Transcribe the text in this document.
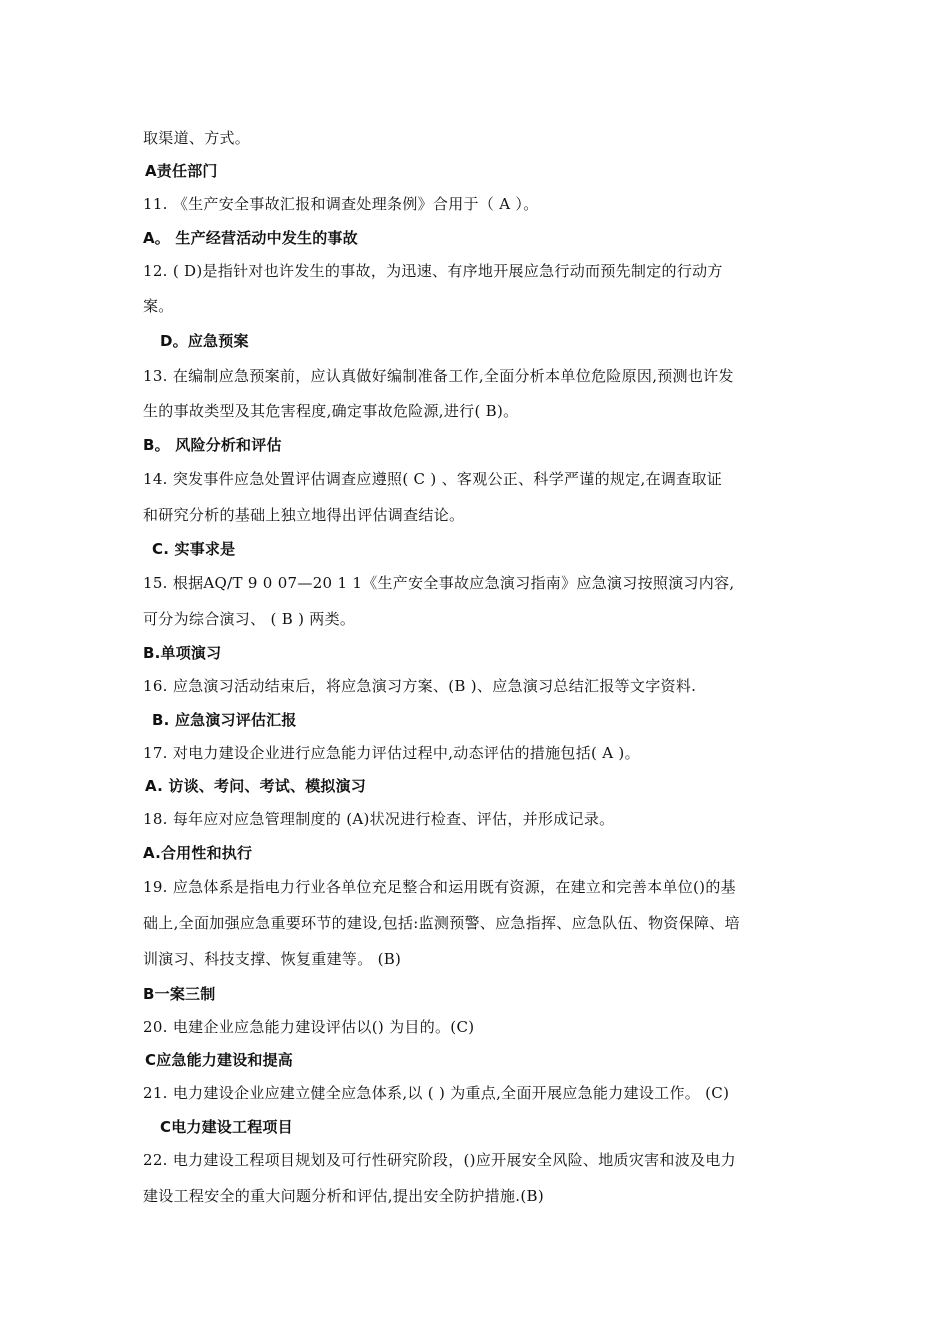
取渠道、方式。
A责任部门
11. 《生产安全事故汇报和调查处理条例》合用于（ A ）。
A。 生产经营活动中发生的事故
12. ( D)是指针对也许发生的事故，为迅速、有序地开展应急行动而预先制定的行动方
案。
D。应急预案
13. 在编制应急预案前，应认真做好编制准备工作,全面分析本单位危险原因,预测也许发
生的事故类型及其危害程度,确定事故危险源,进行( B)。
B。 风险分析和评估
14. 突发事件应急处置评估调查应遵照( C ) 、客观公正、科学严谨的规定,在调查取证
和研究分析的基础上独立地得出评估调查结论。
C. 实事求是
15. 根据AQ/T 9 0 07—20 1 1《生产安全事故应急演习指南》应急演习按照演习内容,
可分为综合演习、 ( B ) 两类。
B.单项演习
16. 应急演习活动结束后，将应急演习方案、(B )、应急演习总结汇报等文字资料.
B. 应急演习评估汇报
17. 对电力建设企业进行应急能力评估过程中,动态评估的措施包括( A )。
A. 访谈、考问、考试、模拟演习
18. 每年应对应急管理制度的 (A)状况进行检查、评估，并形成记录。
A.合用性和执行
19. 应急体系是指电力行业各单位充足整合和运用既有资源，在建立和完善本单位()的基
础上,全面加强应急重要环节的建设,包括:监测预警、应急指挥、应急队伍、物资保障、培
训演习、科技支撑、恢复重建等。 (B)
B一案三制
20. 电建企业应急能力建设评估以() 为目的。(C)
C应急能力建设和提高
21. 电力建设企业应建立健全应急体系,以 ( ) 为重点,全面开展应急能力建设工作。 (C)
C电力建设工程项目
22. 电力建设工程项目规划及可行性研究阶段，()应开展安全风险、地质灾害和波及电力
建设工程安全的重大问题分析和评估,提出安全防护措施.(B)
